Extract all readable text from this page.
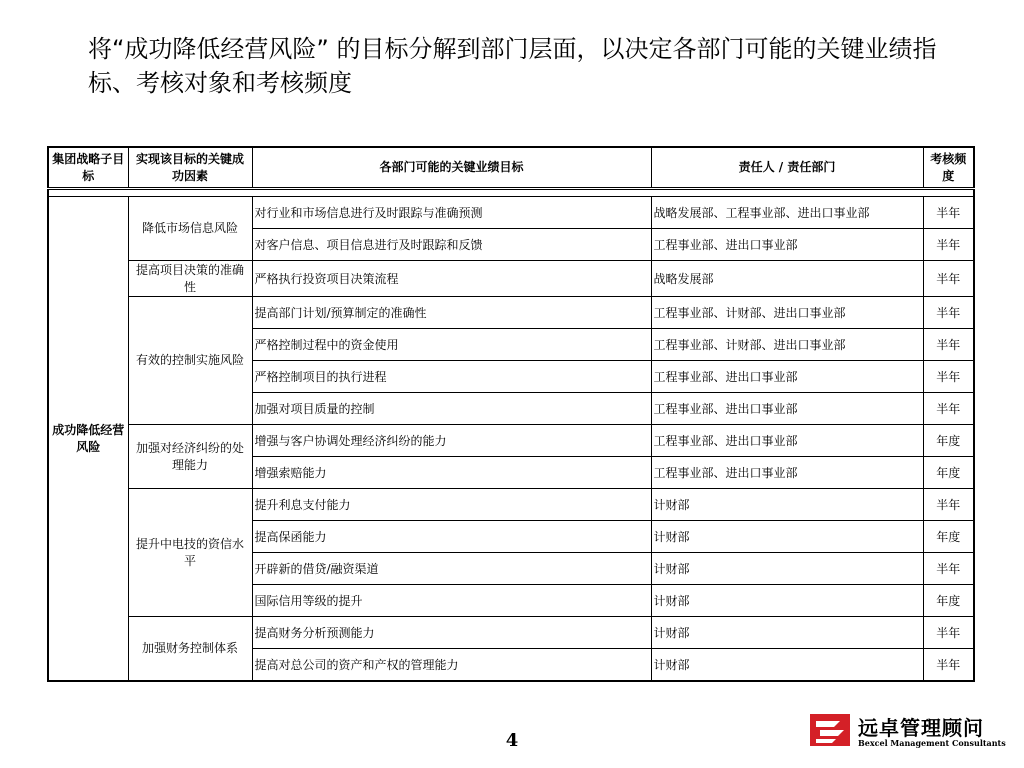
将“成功降低经营风险” 的目标分解到部门层面，以决定各部门可能的关键业绩指标、考核对象和考核频度
集团战略子目标	实现该目标的关键成功因素	各部门可能的关键业绩目标	责任人 / 责任部门	考核频度

成功降低经营风险	降低市场信息风险	对行业和市场信息进行及时跟踪与准确预测	战略发展部、工程事业部、进出口事业部	半年
		对客户信息、项目信息进行及时跟踪和反馈	工程事业部、进出口事业部	半年
	提高项目决策的准确性	严格执行投资项目决策流程	战略发展部	半年
	有效的控制实施风险	提高部门计划/预算制定的准确性	工程事业部、计财部、进出口事业部	半年
		严格控制过程中的资金使用	工程事业部、计财部、进出口事业部	半年
		严格控制项目的执行进程	工程事业部、进出口事业部	半年
		加强对项目质量的控制	工程事业部、进出口事业部	半年
	加强对经济纠纷的处理能力	增强与客户协调处理经济纠纷的能力	工程事业部、进出口事业部	年度
		增强索赔能力	工程事业部、进出口事业部	年度
	提升中电技的资信水平	提升利息支付能力	计财部	半年
		提高保函能力	计财部	年度
		开辟新的借贷/融资渠道	计财部	半年
		国际信用等级的提升	计财部	年度
	加强财务控制体系	提高财务分析预测能力	计财部	半年
		提高对总公司的资产和产权的管理能力	计财部	半年
4
远卓管理顾问
Bexcel Management Consultants
